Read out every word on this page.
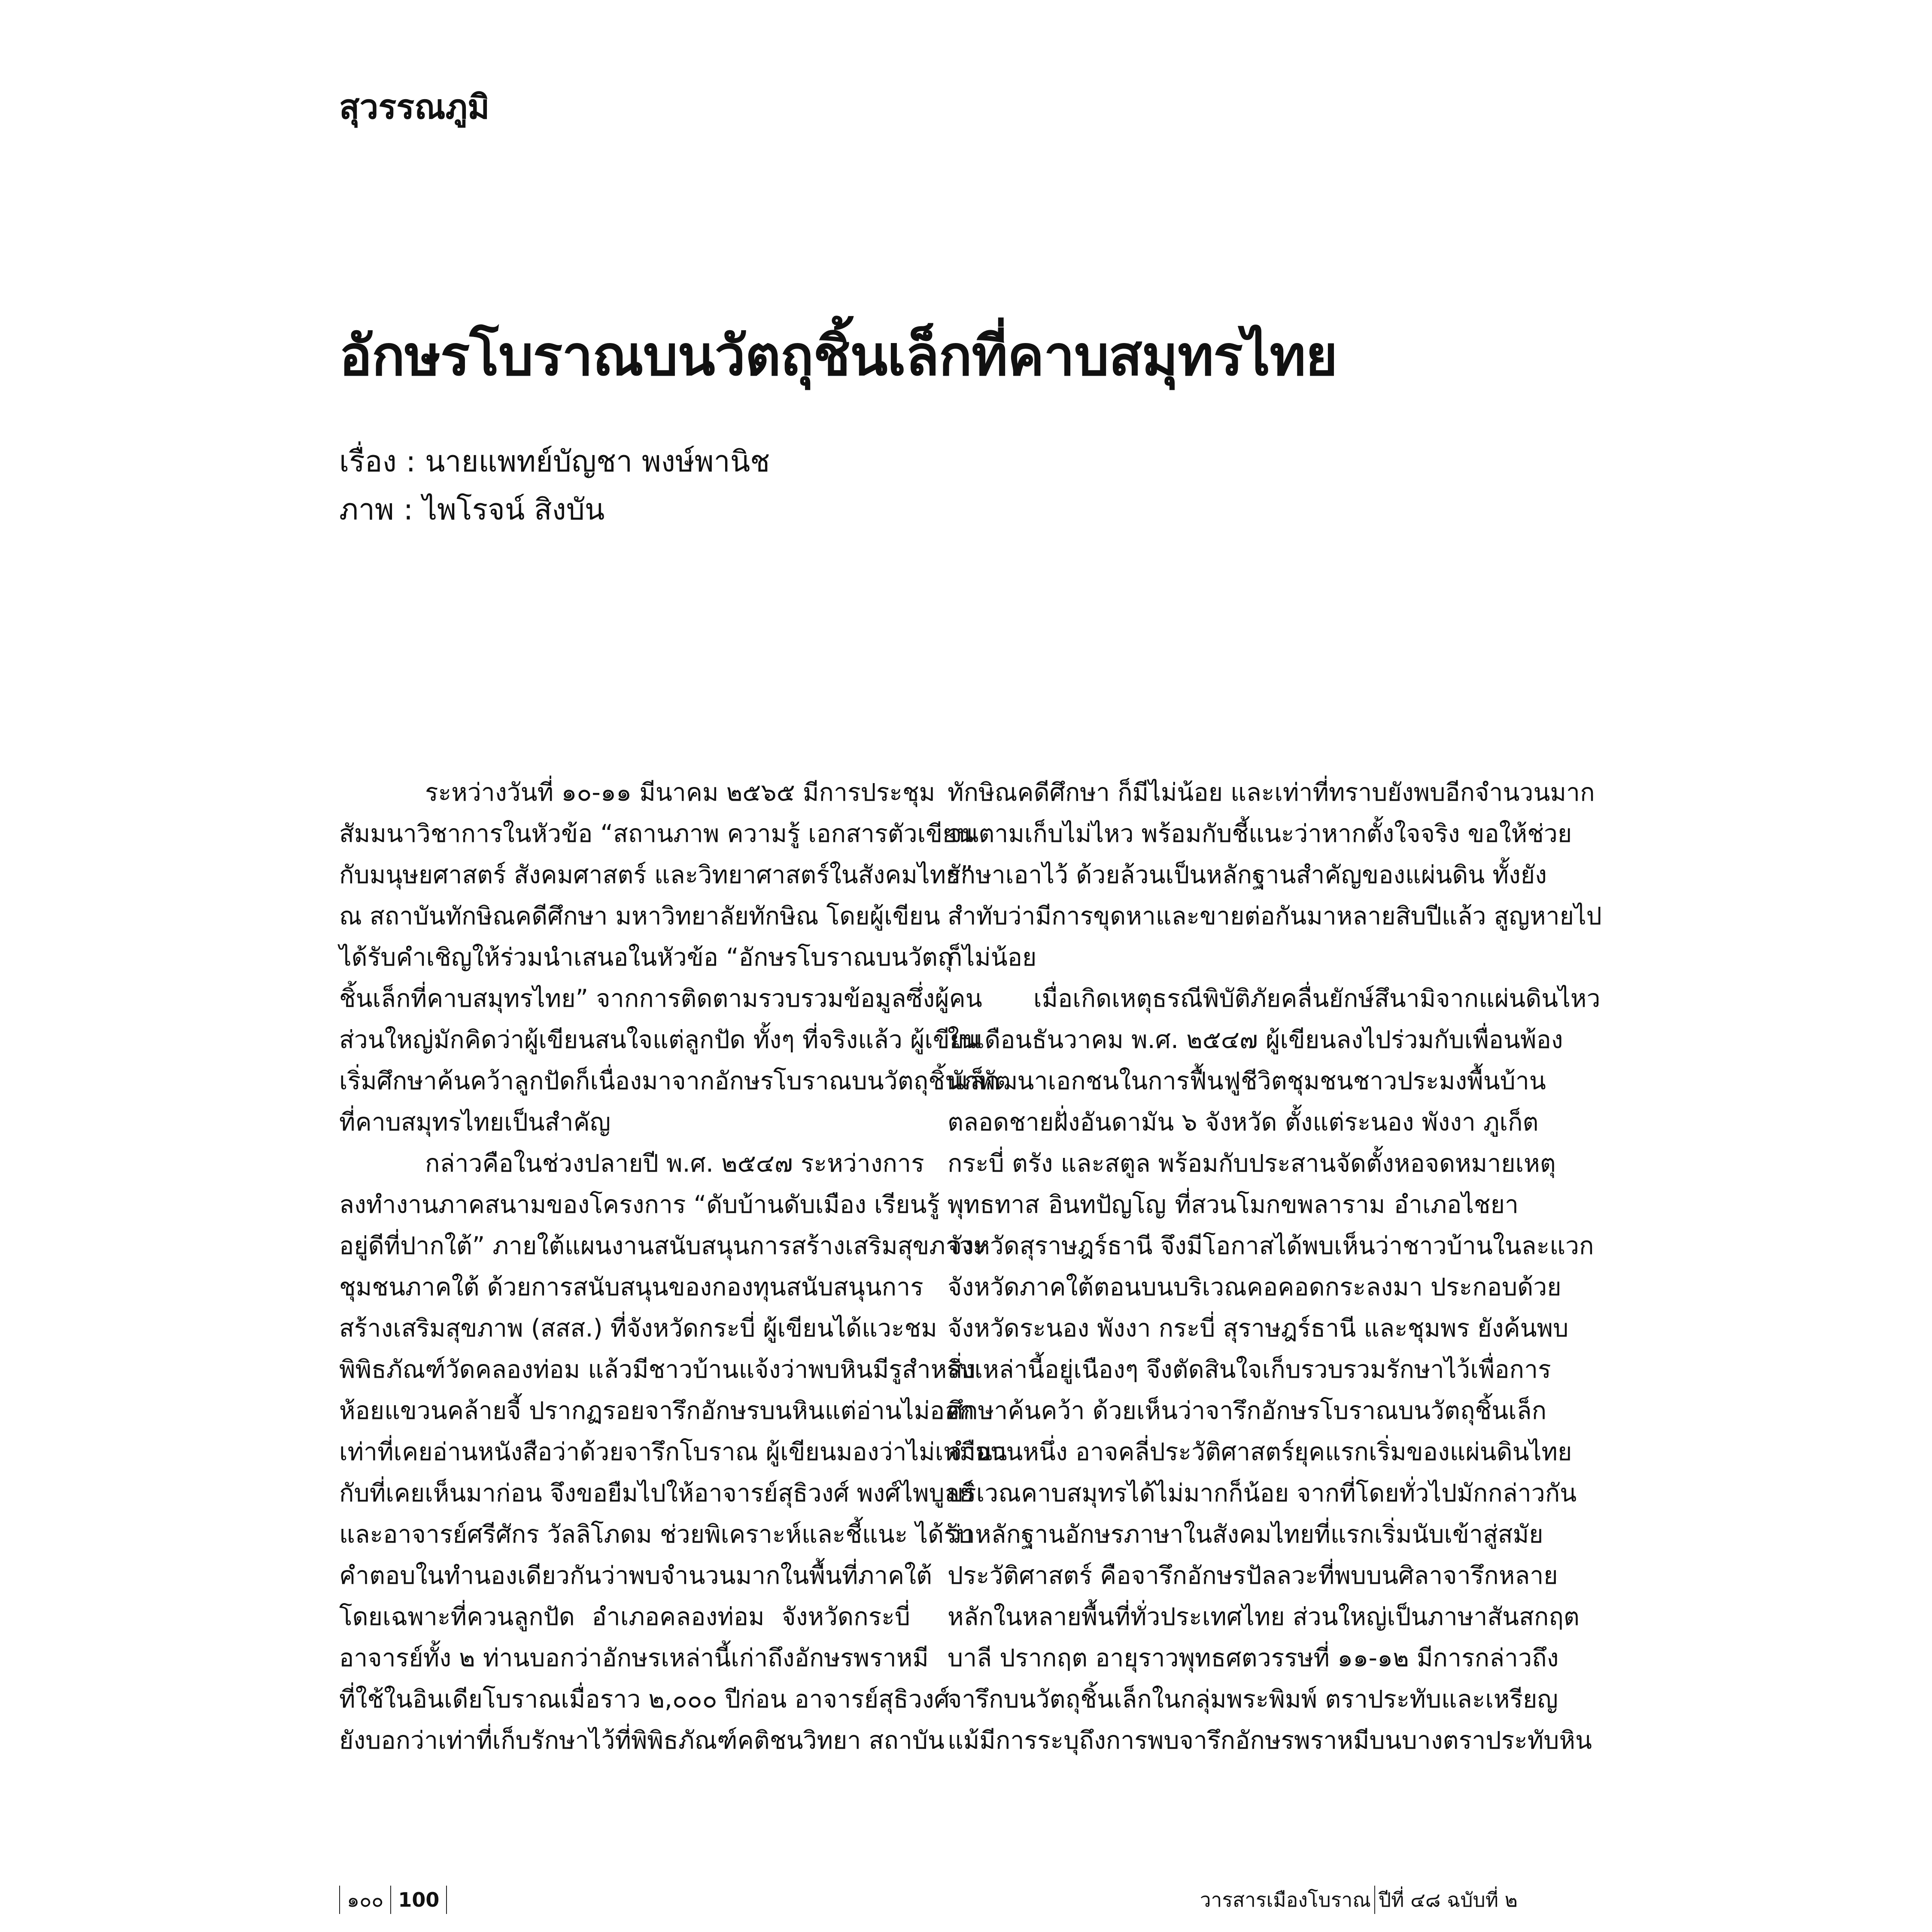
สุวรรณภูมิ
อักษรโบราณบนวัตถุชิ้นเล็กที่คาบสมุทรไทย
เรื่อง : นายแพทย์บัญชา พงษ์พานิช
ภาพ : ไพโรจน์ สิงบัน
ระหว่างวันที่ ๑๐-๑๑ มีนาคม ๒๕๖๕ มีการประชุม
สัมมนาวิชาการในหัวข้อ “สถานภาพ ความรู้ เอกสารตัวเขียน
กับมนุษยศาสตร์ สังคมศาสตร์ และวิทยาศาสตร์ในสังคมไทย”
ณ สถาบันทักษิณคดีศึกษา มหาวิทยาลัยทักษิณ โดยผู้เขียน
ได้รับคำเชิญให้ร่วมนำเสนอในหัวข้อ “อักษรโบราณบนวัตถุ
ชิ้นเล็กที่คาบสมุทรไทย” จากการติดตามรวบรวมข้อมูลซึ่งผู้คน
ส่วนใหญ่มักคิดว่าผู้เขียนสนใจแต่ลูกปัด ทั้งๆ ที่จริงแล้ว ผู้เขียน
เริ่มศึกษาค้นคว้าลูกปัดก็เนื่องมาจากอักษรโบราณบนวัตถุชิ้นเล็ก
ที่คาบสมุทรไทยเป็นสำคัญ
กล่าวคือในช่วงปลายปี พ.ศ. ๒๕๔๗ ระหว่างการ
ลงทำงานภาคสนามของโครงการ “ดับบ้านดับเมือง เรียนรู้
อยู่ดีที่ปากใต้” ภายใต้แผนงานสนับสนุนการสร้างเสริมสุขภาวะ
ชุมชนภาคใต้ ด้วยการสนับสนุนของกองทุนสนับสนุนการ
สร้างเสริมสุขภาพ (สสส.) ที่จังหวัดกระบี่ ผู้เขียนได้แวะชม
พิพิธภัณฑ์วัดคลองท่อม แล้วมีชาวบ้านแจ้งว่าพบหินมีรูสำหรับ
ห้อยแขวนคล้ายจี้ ปรากฏรอยจารึกอักษรบนหินแต่อ่านไม่ออก
เท่าที่เคยอ่านหนังสือว่าด้วยจารึกโบราณ ผู้เขียนมองว่าไม่เหมือน
กับที่เคยเห็นมาก่อน จึงขอยืมไปให้อาจารย์สุธิวงศ์ พงศ์ไพบูลย์
และอาจารย์ศรีศักร วัลลิโภดม ช่วยพิเคราะห์และชี้แนะ ได้รับ
คำตอบในทำนองเดียวกันว่าพบจำนวนมากในพื้นที่ภาคใต้
โดยเฉพาะที่ควนลูกปัด อำเภอคลองท่อม จังหวัดกระบี่
อาจารย์ทั้ง ๒ ท่านบอกว่าอักษรเหล่านี้เก่าถึงอักษรพราหมี
ที่ใช้ในอินเดียโบราณเมื่อราว ๒,๐๐๐ ปีก่อน อาจารย์สุธิวงศ์
ยังบอกว่าเท่าที่เก็บรักษาไว้ที่พิพิธภัณฑ์คติชนวิทยา สถาบัน
ทักษิณคดีศึกษา ก็มีไม่น้อย และเท่าที่ทราบยังพบอีกจำนวนมาก
จนตามเก็บไม่ไหว พร้อมกับชี้แนะว่าหากตั้งใจจริง ขอให้ช่วย
รักษาเอาไว้ ด้วยล้วนเป็นหลักฐานสำคัญของแผ่นดิน ทั้งยัง
สำทับว่ามีการขุดหาและขายต่อกันมาหลายสิบปีแล้ว สูญหายไป
ก็ไม่น้อย
เมื่อเกิดเหตุธรณีพิบัติภัยคลื่นยักษ์สึนามิจากแผ่นดินไหว
ในเดือนธันวาคม พ.ศ. ๒๕๔๗ ผู้เขียนลงไปร่วมกับเพื่อนพ้อง
นักพัฒนาเอกชนในการฟื้นฟูชีวิตชุมชนชาวประมงพื้นบ้าน
ตลอดชายฝั่งอันดามัน ๖ จังหวัด ตั้งแต่ระนอง พังงา ภูเก็ต
กระบี่ ตรัง และสตูล พร้อมกับประสานจัดตั้งหอจดหมายเหตุ
พุทธทาส อินทปัญโญ ที่สวนโมกขพลาราม อำเภอไชยา
จังหวัดสุราษฎร์ธานี จึงมีโอกาสได้พบเห็นว่าชาวบ้านในละแวก
จังหวัดภาคใต้ตอนบนบริเวณคอคอดกระลงมา ประกอบด้วย
จังหวัดระนอง พังงา กระบี่ สุราษฎร์ธานี และชุมพร ยังค้นพบ
สิ่งเหล่านี้อยู่เนืองๆ จึงตัดสินใจเก็บรวบรวมรักษาไว้เพื่อการ
ศึกษาค้นคว้า ด้วยเห็นว่าจารึกอักษรโบราณบนวัตถุชิ้นเล็ก
จำนวนหนึ่ง อาจคลี่ประวัติศาสตร์ยุคแรกเริ่มของแผ่นดินไทย
บริเวณคาบสมุทรได้ไม่มากก็น้อย จากที่โดยทั่วไปมักกล่าวกัน
ว่าหลักฐานอักษรภาษาในสังคมไทยที่แรกเริ่มนับเข้าสู่สมัย
ประวัติศาสตร์ คือจารึกอักษรปัลลวะที่พบบนศิลาจารึกหลาย
หลักในหลายพื้นที่ทั่วประเทศไทย ส่วนใหญ่เป็นภาษาสันสกฤต
บาลี ปรากฤต อายุราวพุทธศตวรรษที่ ๑๑-๑๒ มีการกล่าวถึง
จารึกบนวัตถุชิ้นเล็กในกลุ่มพระพิมพ์ ตราประทับและเหรียญ
แม้มีการระบุถึงการพบจารึกอักษรพราหมีบนบางตราประทับหิน
๑๐๐ 100	วารสารเมืองโบราณ ปีที่ ๔๘ ฉบับที่ ๒
